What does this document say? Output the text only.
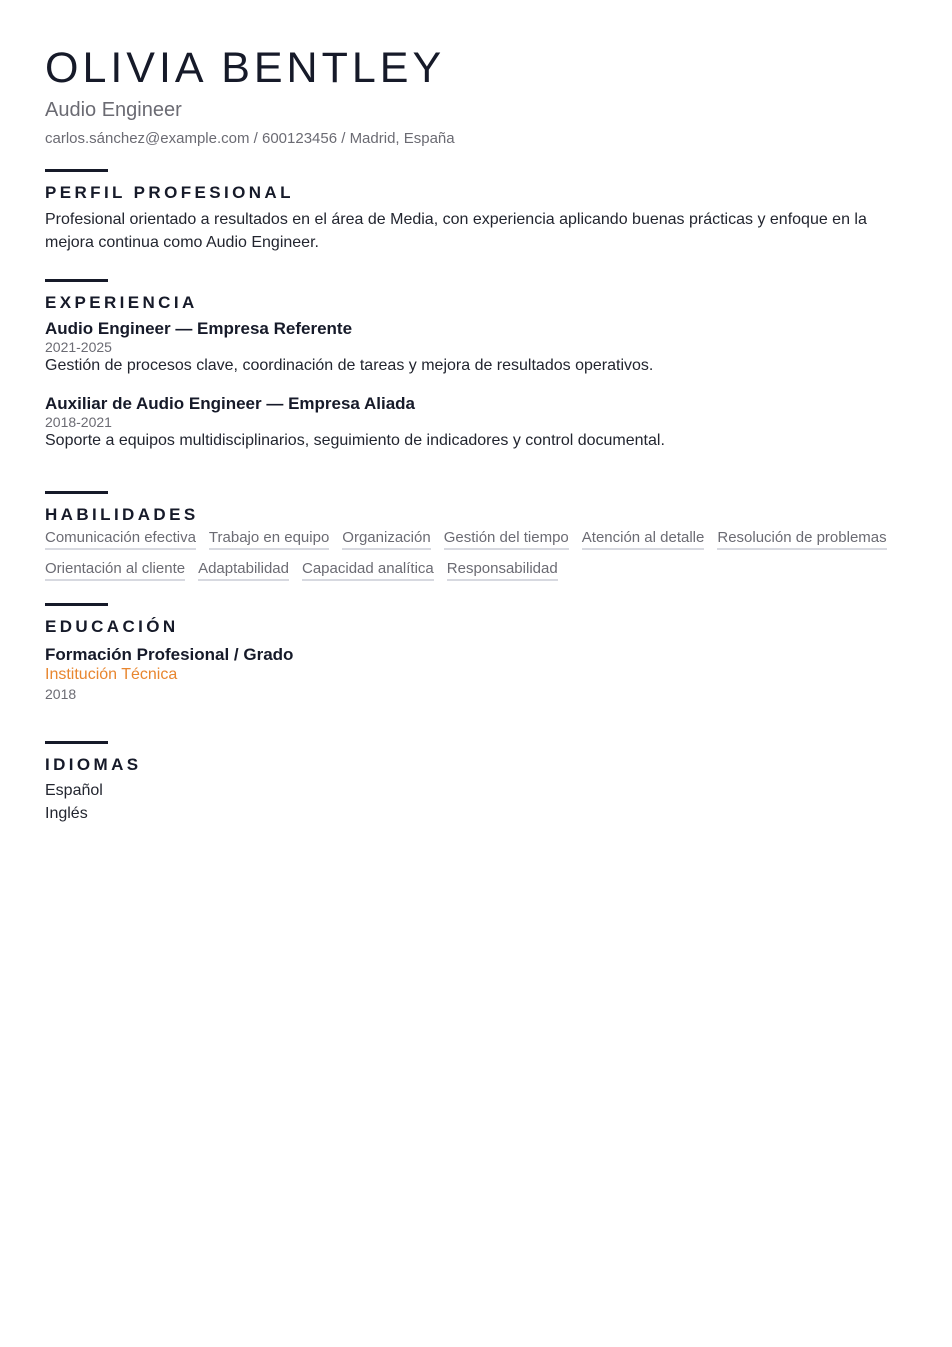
OLIVIA BENTLEY
Audio Engineer
carlos.sánchez@example.com / 600123456 / Madrid, España
PERFIL PROFESIONAL

Profesional orientado a resultados en el área de Media, con experiencia aplicando buenas prácticas y enfoque en la mejora continua como Audio Engineer.

EXPERIENCIA
Audio Engineer — Empresa Referente
2021-2025
Gestión de procesos clave, coordinación de tareas y mejora de resultados operativos.
Auxiliar de Audio Engineer — Empresa Aliada
2018-2021
Soporte a equipos multidisciplinarios, seguimiento de indicadores y control documental.
HABILIDADES
Comunicación efectiva Trabajo en equipo Organización Gestión del tiempo Atención al detalle Resolución de problemas
Orientación al cliente Adaptabilidad Capacidad analítica Responsabilidad
EDUCACIÓN
Formación Profesional / Grado
Institución Técnica
2018
IDIOMAS
Español
Inglés
